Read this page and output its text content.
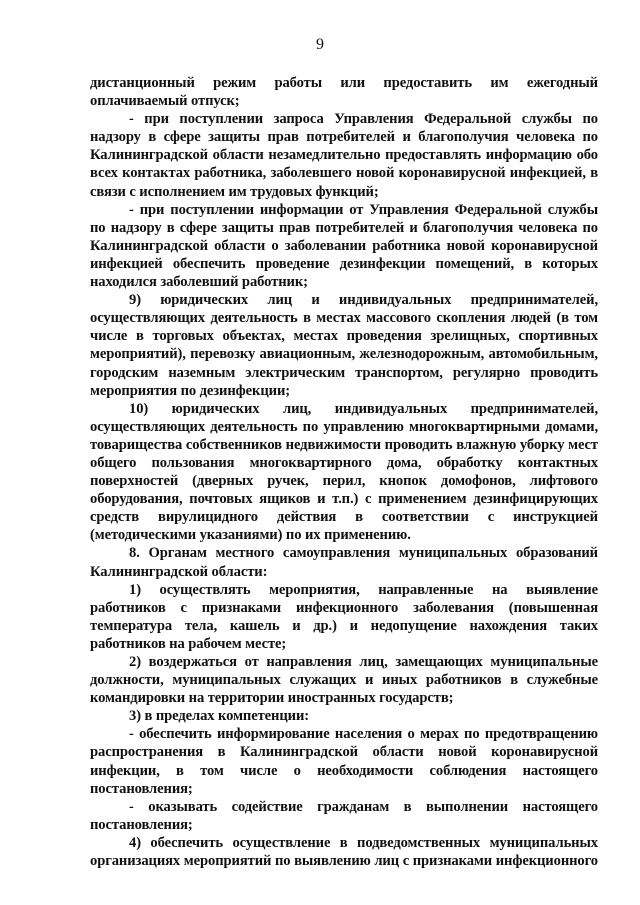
9

дистанционный режим работы или предоставить им ежегодный оплачиваемый отпуск;

- при поступлении запроса Управления Федеральной службы по надзору в сфере защиты прав потребителей и благополучия человека по Калининградской области незамедлительно предоставлять информацию обо всех контактах работника, заболевшего новой коронавирусной инфекцией, в связи с исполнением им трудовых функций;

- при поступлении информации от Управления Федеральной службы по надзору в сфере защиты прав потребителей и благополучия человека по Калининградской области о заболевании работника новой коронавирусной инфекцией обеспечить проведение дезинфекции помещений, в которых находился заболевший работник;

9) юридических лиц и индивидуальных предпринимателей, осуществляющих деятельность в местах массового скопления людей (в том числе в торговых объектах, местах проведения зрелищных, спортивных мероприятий), перевозку авиационным, железнодорожным, автомобильным, городским наземным электрическим транспортом, регулярно проводить мероприятия по дезинфекции;

10) юридических лиц, индивидуальных предпринимателей, осуществляющих деятельность по управлению многоквартирными домами, товарищества собственников недвижимости проводить влажную уборку мест общего пользования многоквартирного дома, обработку контактных поверхностей (дверных ручек, перил, кнопок домофонов, лифтового оборудования, почтовых ящиков и т.п.) с применением дезинфицирующих средств вирулицидного действия в соответствии с инструкцией (методическими указаниями) по их применению.

8. Органам местного самоуправления муниципальных образований Калининградской области:

1) осуществлять мероприятия, направленные на выявление работников с признаками инфекционного заболевания (повышенная температура тела, кашель и др.) и недопущение нахождения таких работников на рабочем месте;

2) воздержаться от направления лиц, замещающих муниципальные должности, муниципальных служащих и иных работников в служебные командировки на территории иностранных государств;

3) в пределах компетенции:

- обеспечить информирование населения о мерах по предотвращению распространения в Калининградской области новой коронавирусной инфекции, в том числе о необходимости соблюдения настоящего постановления;

- оказывать содействие гражданам в выполнении настоящего постановления;

4) обеспечить осуществление в подведомственных муниципальных организациях мероприятий по выявлению лиц с признаками инфекционного
